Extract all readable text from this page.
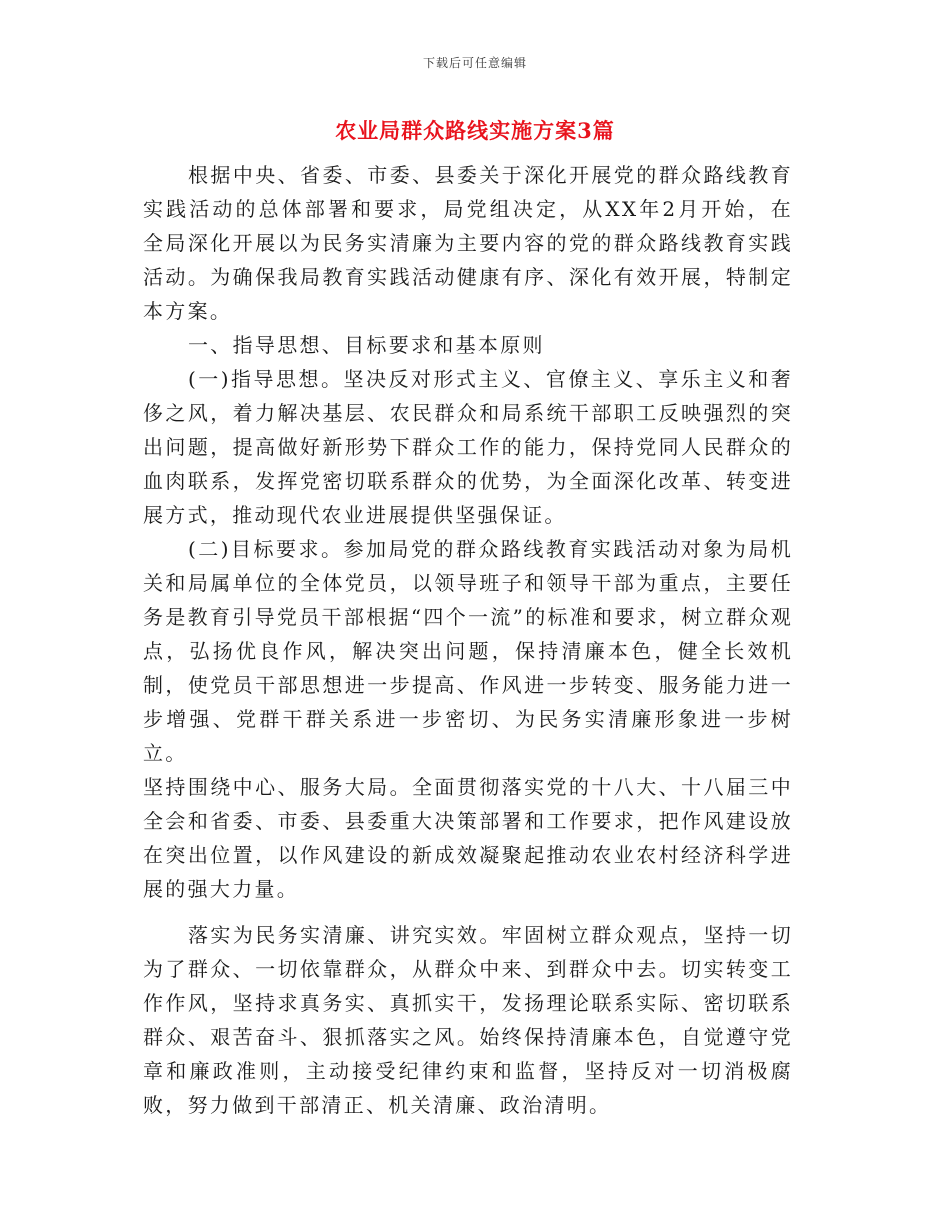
下载后可任意编辑
农业局群众路线实施方案3篇

根据中央、省委、市委、县委关于深化开展党的群众路线教育实践活动的总体部署和要求，局党组决定，从XX年2月开始，在全局深化开展以为民务实清廉为主要内容的党的群众路线教育实践活动。为确保我局教育实践活动健康有序、深化有效开展，特制定本方案。

一、指导思想、目标要求和基本原则

(一)指导思想。坚决反对形式主义、官僚主义、享乐主义和奢侈之风，着力解决基层、农民群众和局系统干部职工反映强烈的突出问题，提高做好新形势下群众工作的能力，保持党同人民群众的血肉联系，发挥党密切联系群众的优势，为全面深化改革、转变进展方式，推动现代农业进展提供坚强保证。

(二)目标要求。参加局党的群众路线教育实践活动对象为局机关和局属单位的全体党员，以领导班子和领导干部为重点，主要任务是教育引导党员干部根据“四个一流”的标准和要求，树立群众观点，弘扬优良作风，解决突出问题，保持清廉本色，健全长效机制，使党员干部思想进一步提高、作风进一步转变、服务能力进一步增强、党群干群关系进一步密切、为民务实清廉形象进一步树立。

坚持围绕中心、服务大局。全面贯彻落实党的十八大、十八届三中全会和省委、市委、县委重大决策部署和工作要求，把作风建设放在突出位置，以作风建设的新成效凝聚起推动农业农村经济科学进展的强大力量。

落实为民务实清廉、讲究实效。牢固树立群众观点，坚持一切为了群众、一切依靠群众，从群众中来、到群众中去。切实转变工作作风，坚持求真务实、真抓实干，发扬理论联系实际、密切联系群众、艰苦奋斗、狠抓落实之风。始终保持清廉本色，自觉遵守党章和廉政准则，主动接受纪律约束和监督，坚持反对一切消极腐败，努力做到干部清正、机关清廉、政治清明。
